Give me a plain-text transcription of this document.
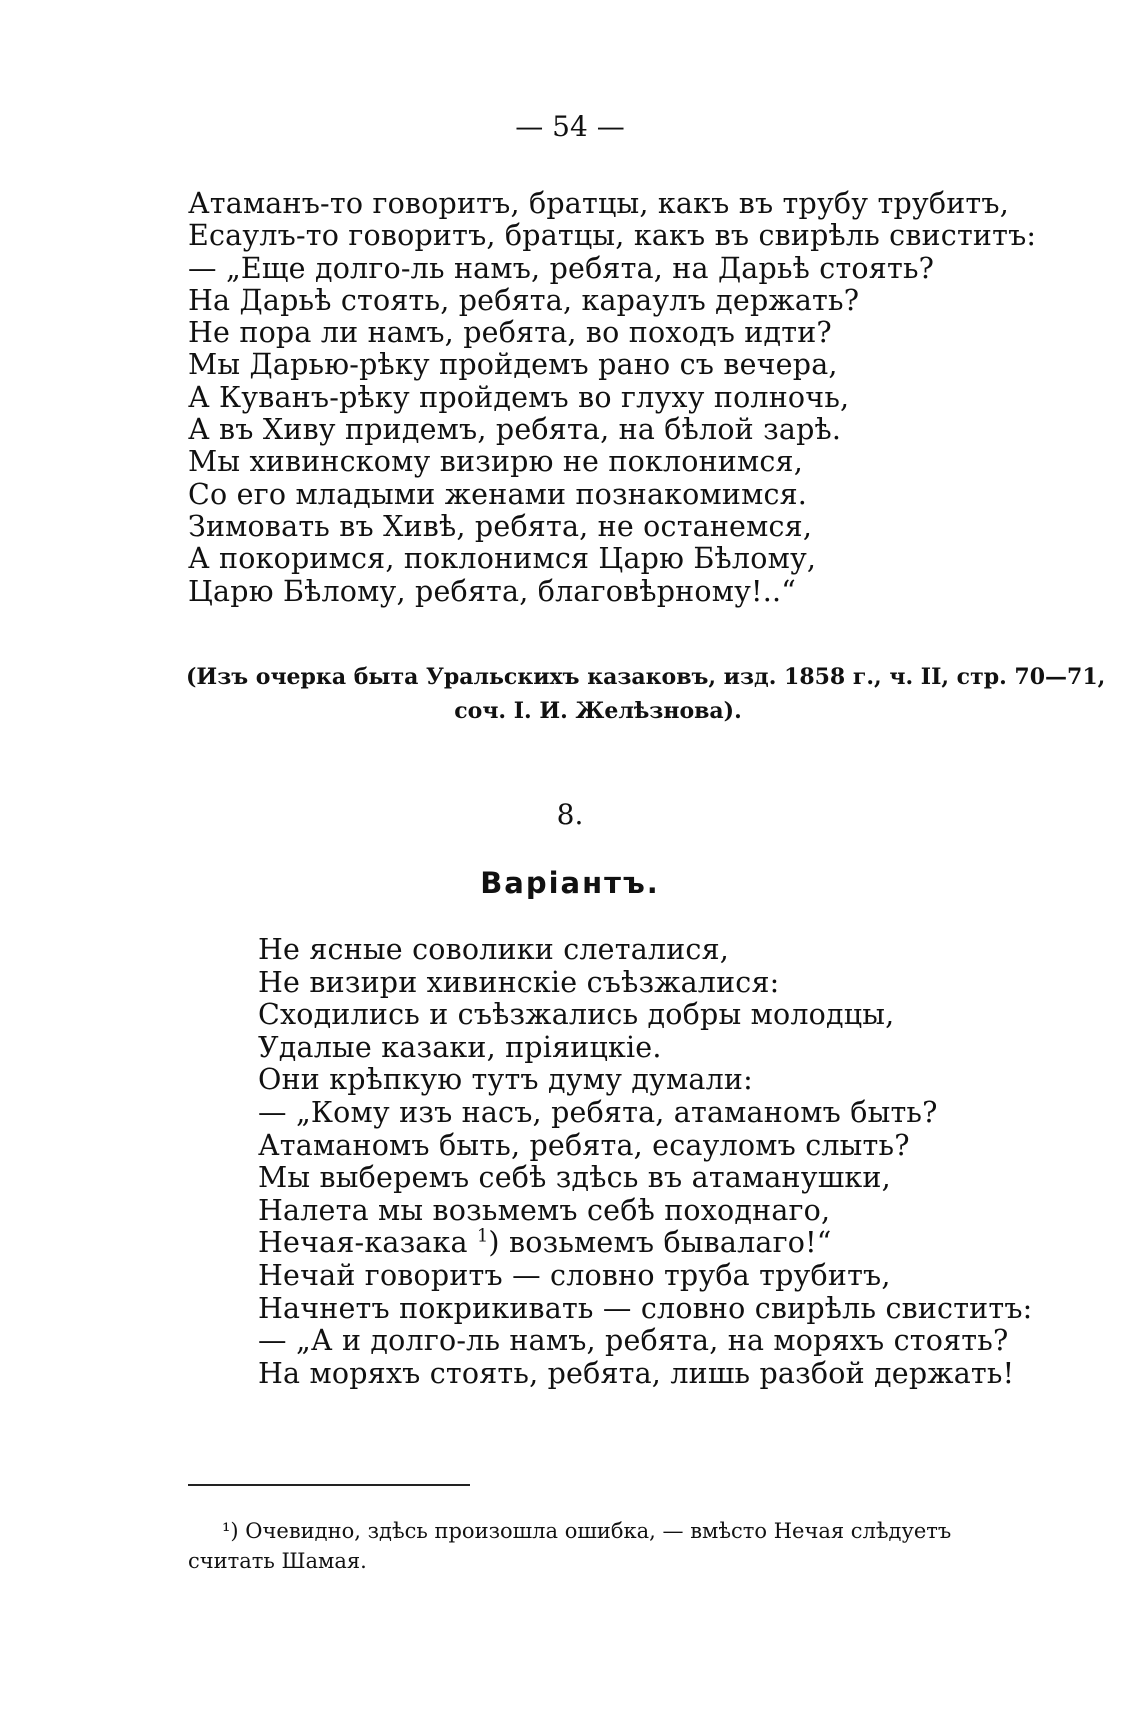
— 54 —
Атаманъ-то говоритъ, братцы, какъ въ трубу трубитъ,
Есаулъ-то говоритъ, братцы, какъ въ свирѣль свиститъ:
— „Еще долго-ль намъ, ребята, на Дарьѣ стоять?
На Дарьѣ стоять, ребята, караулъ держать?
Не пора ли намъ, ребята, во походъ идти?
Мы Дарью-рѣку пройдемъ рано съ вечера,
А Куванъ-рѣку пройдемъ во глуху полночь,
А въ Хиву придемъ, ребята, на бѣлой зарѣ.
Мы хивинскому визирю не поклонимся,
Со его младыми женами познакомимся.
Зимовать въ Хивѣ, ребята, не останемся,
А покоримся, поклонимся Царю Бѣлому,
Царю Бѣлому, ребята, благовѣрному!..“
(Изъ очерка быта Уральскихъ казаковъ, изд. 1858 г., ч. II, стр. 70—71,
соч. I. И. Желѣзнова).
8.
Варіантъ.
Не ясные соволики слеталися,
Не визири хивинскіе съѣзжалися:
Сходились и съѣзжались добры молодцы,
Удалые казаки, пріяицкіе.
Они крѣпкую тутъ думу думали:
— „Кому изъ насъ, ребята, атаманомъ быть?
Атаманомъ быть, ребята, есауломъ слыть?
Мы выберемъ себѣ здѣсь въ атаманушки,
Налета мы возьмемъ себѣ походнаго,
Нечая-казака $^1$) возьмемъ бывалаго!“
Нечай говоритъ — словно труба трубитъ,
Начнетъ покрикивать — словно свирѣль свиститъ:
— „А и долго-ль намъ, ребята, на моряхъ стоять?
На моряхъ стоять, ребята, лишь разбой держать!
¹) Очевидно, здѣсь произошла ошибка, — вмѣсто Нечая слѣдуетъ
считать Шамая.
